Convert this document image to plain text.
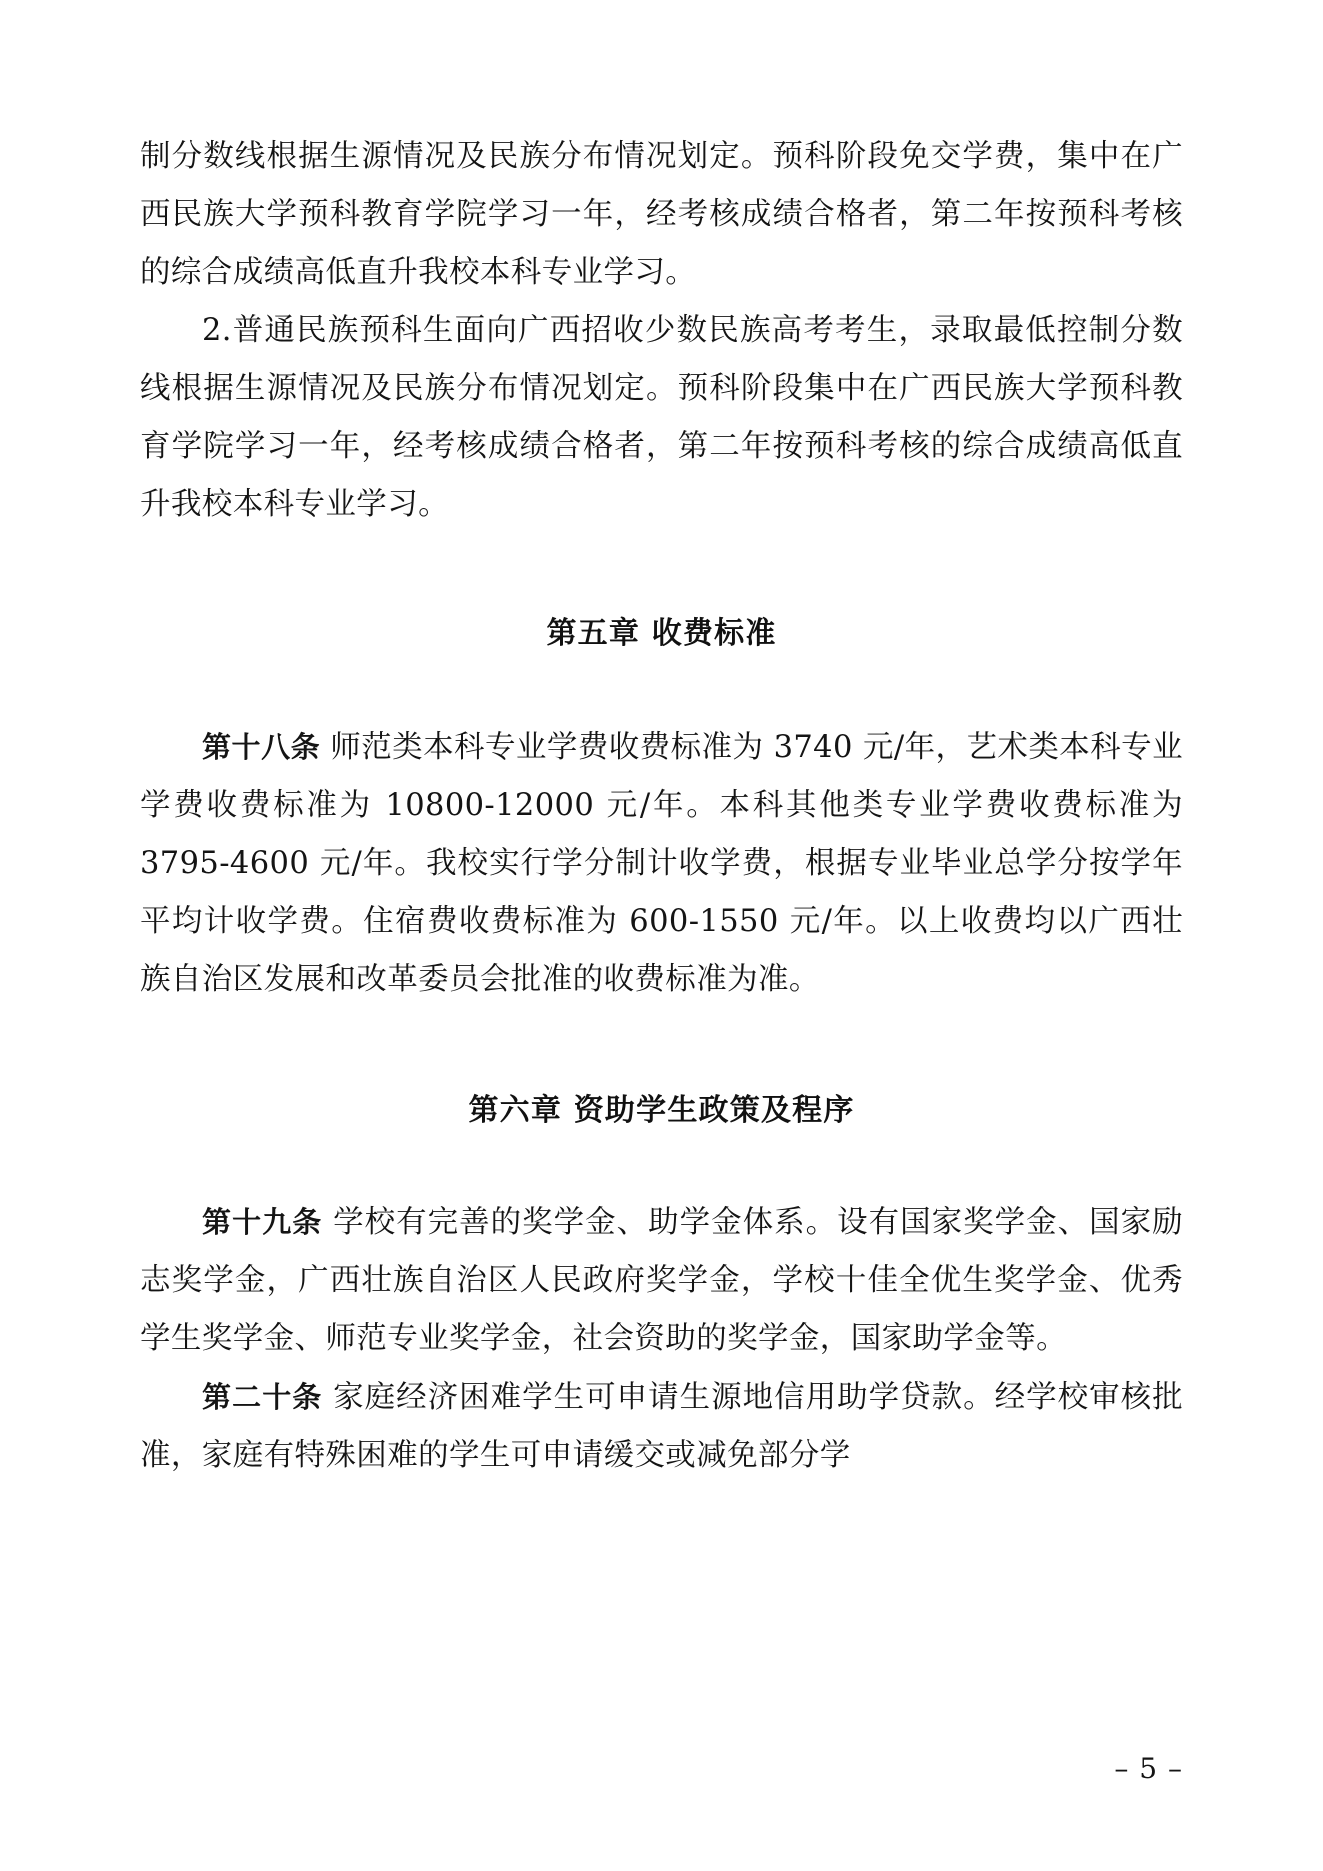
制分数线根据生源情况及民族分布情况划定。预科阶段免交学费，集中在广西民族大学预科教育学院学习一年，经考核成绩合格者，第二年按预科考核的综合成绩高低直升我校本科专业学习。

2.普通民族预科生面向广西招收少数民族高考考生，录取最低控制分数线根据生源情况及民族分布情况划定。预科阶段集中在广西民族大学预科教育学院学习一年，经考核成绩合格者，第二年按预科考核的综合成绩高低直升我校本科专业学习。

第五章 收费标准

第十八条 师范类本科专业学费收费标准为 3740 元/年，艺术类本科专业学费收费标准为 10800-12000 元/年。本科其他类专业学费收费标准为 3795-4600 元/年。我校实行学分制计收学费，根据专业毕业总学分按学年平均计收学费。住宿费收费标准为 600-1550 元/年。以上收费均以广西壮族自治区发展和改革委员会批准的收费标准为准。

第六章 资助学生政策及程序

第十九条 学校有完善的奖学金、助学金体系。设有国家奖学金、国家励志奖学金，广西壮族自治区人民政府奖学金，学校十佳全优生奖学金、优秀学生奖学金、师范专业奖学金，社会资助的奖学金，国家助学金等。

第二十条 家庭经济困难学生可申请生源地信用助学贷款。经学校审核批准，家庭有特殊困难的学生可申请缓交或减免部分学

– 5 –
